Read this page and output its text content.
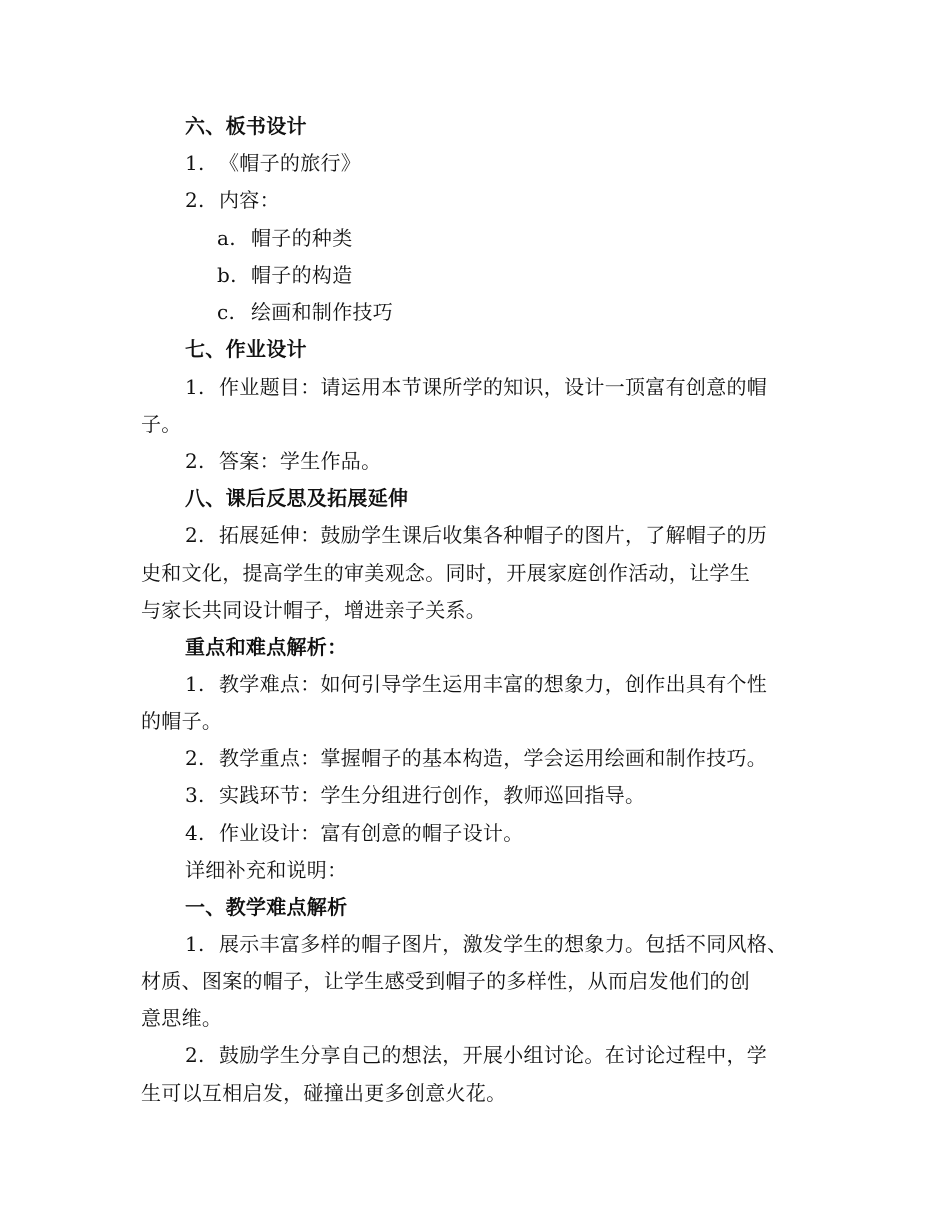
六、板书设计
1. 《帽子的旅行》
2. 内容：
a. 帽子的种类
b. 帽子的构造
c. 绘画和制作技巧
七、作业设计
1. 作业题目：请运用本节课所学的知识，设计一顶富有创意的帽
子。
2. 答案：学生作品。
八、课后反思及拓展延伸
2. 拓展延伸：鼓励学生课后收集各种帽子的图片，了解帽子的历
史和文化，提高学生的审美观念。同时，开展家庭创作活动，让学生
与家长共同设计帽子，增进亲子关系。
重点和难点解析：
1. 教学难点：如何引导学生运用丰富的想象力，创作出具有个性
的帽子。
2. 教学重点：掌握帽子的基本构造，学会运用绘画和制作技巧。
3. 实践环节：学生分组进行创作，教师巡回指导。
4. 作业设计：富有创意的帽子设计。
详细补充和说明：
一、教学难点解析
1. 展示丰富多样的帽子图片，激发学生的想象力。包括不同风格、
材质、图案的帽子，让学生感受到帽子的多样性，从而启发他们的创
意思维。
2. 鼓励学生分享自己的想法，开展小组讨论。在讨论过程中，学
生可以互相启发，碰撞出更多创意火花。
